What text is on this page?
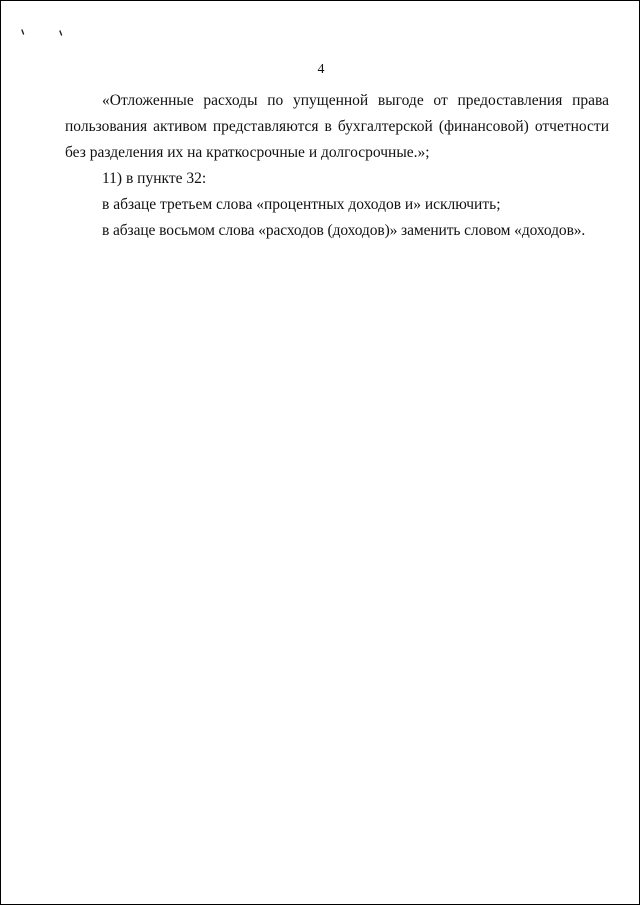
4

«Отложенные расходы по упущенной выгоде от предоставления права пользования активом представляются в бухгалтерской (финансовой) отчетности без разделения их на краткосрочные и долгосрочные.»;

11) в пункте 32:

в абзаце третьем слова «процентных доходов и» исключить;

в абзаце восьмом слова «расходов (доходов)» заменить словом «доходов».
